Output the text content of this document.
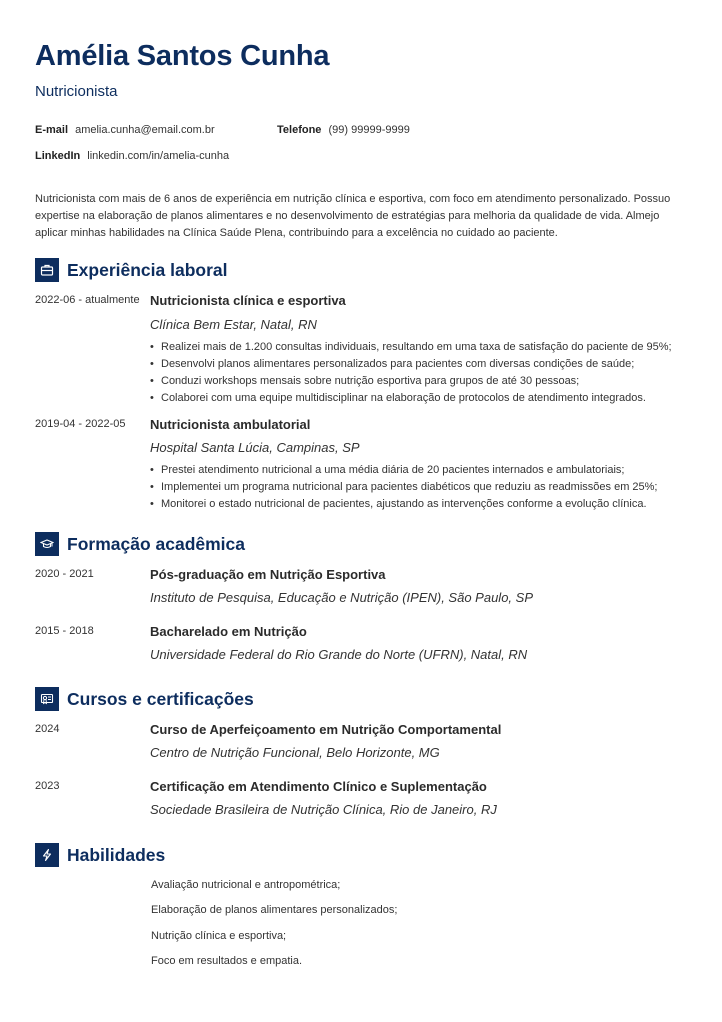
Amélia Santos Cunha
Nutricionista
E-mail amelia.cunha@email.com.br	Telefone (99) 99999-9999
LinkedIn linkedin.com/in/amelia-cunha
Nutricionista com mais de 6 anos de experiência em nutrição clínica e esportiva, com foco em atendimento personalizado. Possuo expertise na elaboração de planos alimentares e no desenvolvimento de estratégias para melhoria da qualidade de vida. Almejo aplicar minhas habilidades na Clínica Saúde Plena, contribuindo para a excelência no cuidado ao paciente.
Experiência laboral
2022-06 - atualmente Nutricionista clínica e esportiva
Clínica Bem Estar, Natal, RN
• Realizei mais de 1.200 consultas individuais, resultando em uma taxa de satisfação do paciente de 95%;
• Desenvolvi planos alimentares personalizados para pacientes com diversas condições de saúde;
• Conduzi workshops mensais sobre nutrição esportiva para grupos de até 30 pessoas;
• Colaborei com uma equipe multidisciplinar na elaboração de protocolos de atendimento integrados.
2019-04 - 2022-05 Nutricionista ambulatorial
Hospital Santa Lúcia, Campinas, SP
• Prestei atendimento nutricional a uma média diária de 20 pacientes internados e ambulatoriais;
• Implementei um programa nutricional para pacientes diabéticos que reduziu as readmissões em 25%;
• Monitorei o estado nutricional de pacientes, ajustando as intervenções conforme a evolução clínica.
Formação acadêmica
2020 - 2021	Pós-graduação em Nutrição Esportiva
Instituto de Pesquisa, Educação e Nutrição (IPEN), São Paulo, SP
2015 - 2018	Bacharelado em Nutrição
Universidade Federal do Rio Grande do Norte (UFRN), Natal, RN
Cursos e certificações
2024	Curso de Aperfeiçoamento em Nutrição Comportamental
Centro de Nutrição Funcional, Belo Horizonte, MG
2023	Certificação em Atendimento Clínico e Suplementação
Sociedade Brasileira de Nutrição Clínica, Rio de Janeiro, RJ
Habilidades
Avaliação nutricional e antropométrica;
Elaboração de planos alimentares personalizados;
Nutrição clínica e esportiva;
Foco em resultados e empatia.
